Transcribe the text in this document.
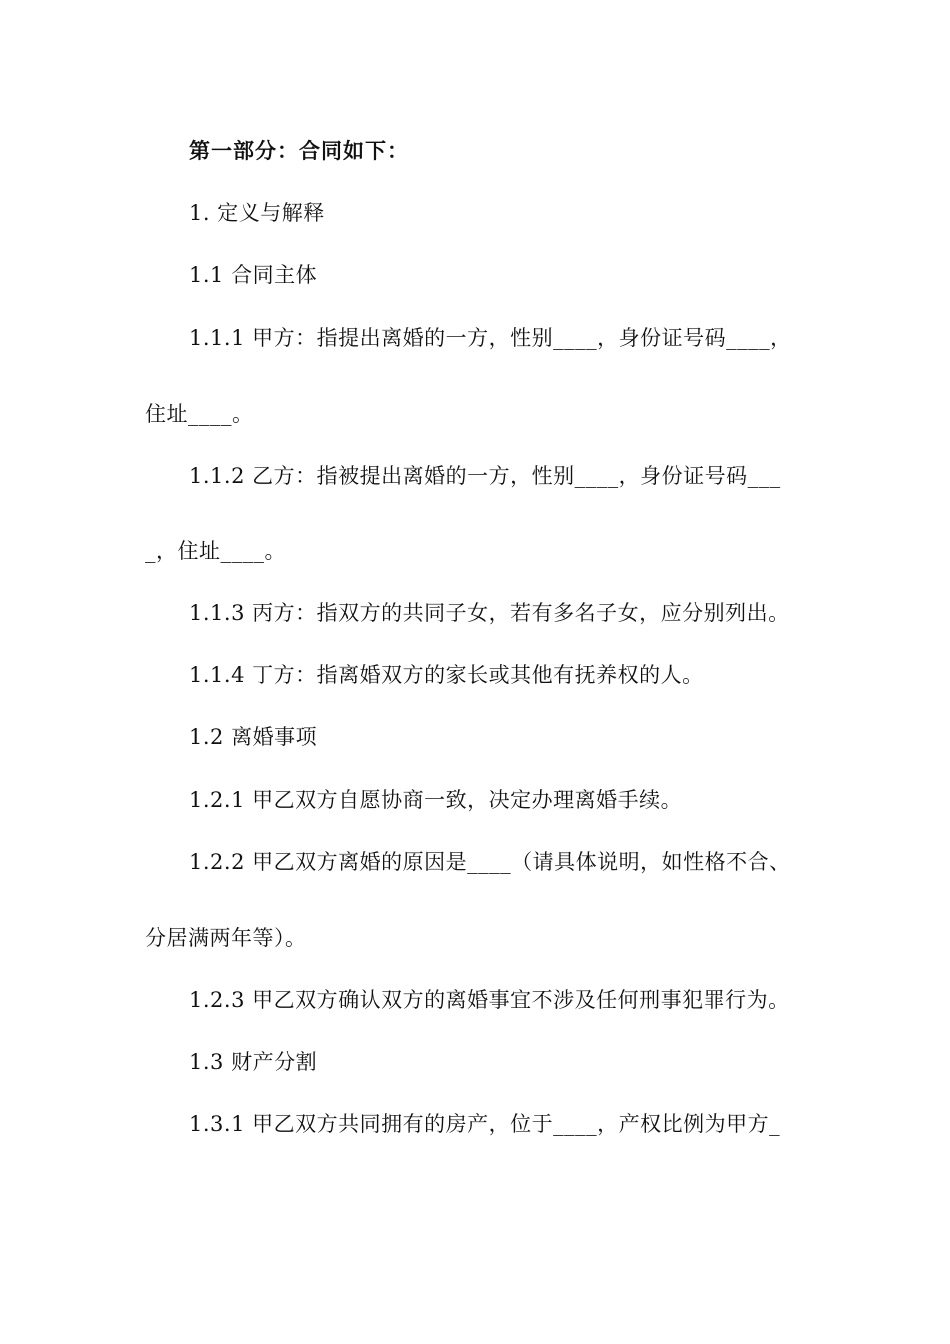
第一部分：合同如下：
1. 定义与解释
1.1 合同主体
1.1.1 甲方：指提出离婚的一方，性别____，身份证号码____，
住址____。
1.1.2 乙方：指被提出离婚的一方，性别____，身份证号码___
_，住址____。
1.1.3 丙方：指双方的共同子女，若有多名子女，应分别列出。
1.1.4 丁方：指离婚双方的家长或其他有抚养权的人。
1.2 离婚事项
1.2.1 甲乙双方自愿协商一致，决定办理离婚手续。
1.2.2 甲乙双方离婚的原因是____（请具体说明，如性格不合、
分居满两年等）。
1.2.3 甲乙双方确认双方的离婚事宜不涉及任何刑事犯罪行为。
1.3 财产分割
1.3.1 甲乙双方共同拥有的房产，位于____，产权比例为甲方_
